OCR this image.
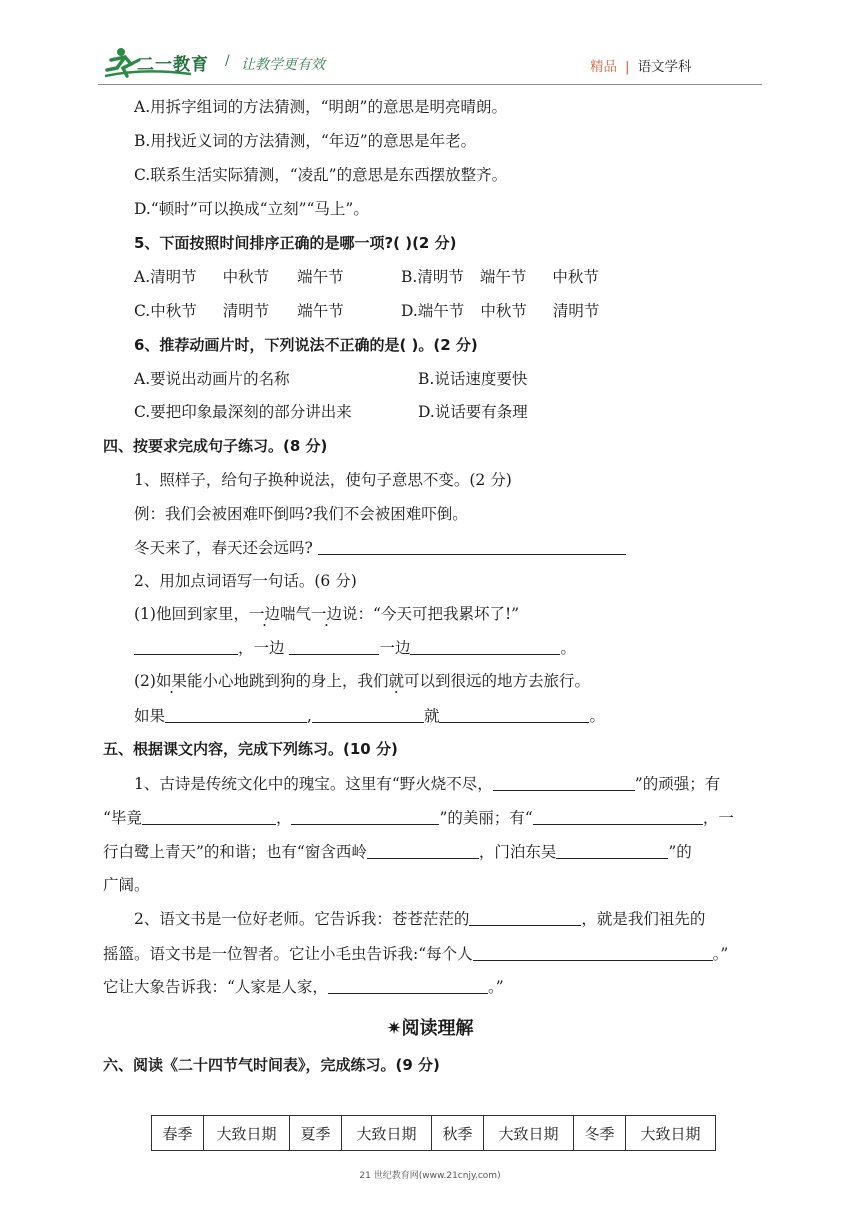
二一教育 / 让教学更有效	精品 | 语文学科
A.用拆字组词的方法猜测，“明朗”的意思是明亮晴朗。
B.用找近义词的方法猜测，“年迈”的意思是年老。
C.联系生活实际猜测，“凌乱”的意思是东西摆放整齐。
D.“顿时”可以换成“立刻”“马上”。
5、下面按照时间排序正确的是哪一项?( )(2 分)
A.清明节 中秋节 端午节	B.清明节 端午节 中秋节
C.中秋节 清明节 端午节	D.端午节 中秋节 清明节
6、推荐动画片时，下列说法不正确的是( )。(2 分)
A.要说出动画片的名称	B.说话速度要快
C.要把印象最深刻的部分讲出来	D.说话要有条理
四、按要求完成句子练习。(8 分)
1、照样子，给句子换种说法，使句子意思不变。(2 分)
例：我们会被困难吓倒吗?我们不会被困难吓倒。
冬天来了，春天还会远吗?
2、用加点词语写一句话。(6 分)
(1)他回到家里，一边喘气一边说：“今天可把我累坏了!”
，一边	一边	。
(2)如果能小心地跳到狗的身上，我们就可以到很远的地方去旅行。
如果	,	就	。
五、根据课文内容，完成下列练习。(10 分)
1、古诗是传统文化中的瑰宝。这里有“野火烧不尽，	”的顽强；有
“毕竟	，	”的美丽；有“	，一
行白鹭上青天”的和谐；也有“窗含西岭	，门泊东吴	”的
广阔。
2、语文书是一位好老师。它告诉我：苍苍茫茫的	，就是我们祖先的
摇篮。语文书是一位智者。它让小毛虫告诉我:“每个人	。”
它让大象告诉我：“人家是人家，	。”
✷阅读理解
六、阅读《二十四节气时间表》，完成练习。(9 分)
春季	大致日期	夏季	大致日期	秋季	大致日期	冬季	大致日期
21 世纪教育网(www.21cnjy.com)
